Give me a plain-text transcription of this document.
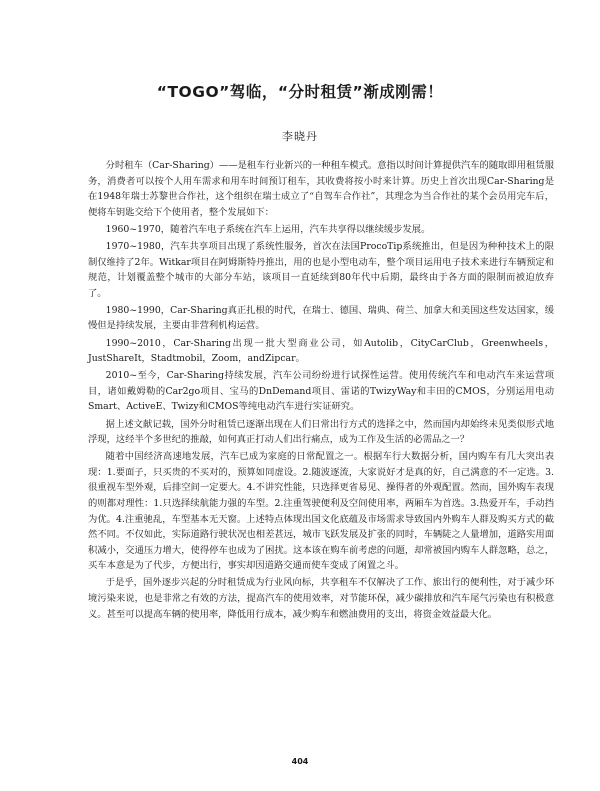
“TOGO”驾临，“分时租赁”渐成刚需！
李晓丹

分时租车（Car-Sharing）——是租车行业新兴的一种租车模式。意指以时间计算提供汽车的随取即用租赁服务，消费者可以按个人用车需求和用车时间预订租车，其收费将按小时来计算。历史上首次出现Car-Sharing是在1948年瑞士苏黎世合作社，这个组织在瑞士成立了“自驾车合作社”，其理念为当合作社的某个会员用完车后，便将车钥匙交给下个使用者，整个发展如下：

1960~1970，随着汽车电子系统在汽车上运用，汽车共享得以继续缓步发展。

1970~1980，汽车共享项目出现了系统性服务，首次在法国ProcoTip系统推出，但是因为种种技术上的限制仅维持了2年。Witkar项目在阿姆斯特丹推出，用的也是小型电动车，整个项目运用电子技术来进行车辆预定和规范，计划覆盖整个城市的大部分车站，该项目一直延续到80年代中后期，最终由于各方面的限制而被迫放弃了。

1980~1990，Car-Sharing真正扎根的时代，在瑞士、德国、瑞典、荷兰、加拿大和美国这些发达国家，缓慢但是持续发展，主要由非营利机构运营。

1990~2010，Car-Sharing出现一批大型商业公司，如Autolib，CityCarClub，Greenwheels，JustShareIt，Stadtmobil，Zoom，andZipcar。

2010~至今，Car-Sharing持续发展，汽车公司纷纷进行试探性运营。使用传统汽车和电动汽车来运营项目，诸如戴姆勒的Car2go项目、宝马的DnDemand项目、雷诺的TwizyWay和丰田的CMOS，分别运用电动Smart、ActiveE、Twizy和CMOS等纯电动汽车进行实证研究。

据上述文献记载，国外分时租赁已逐渐出现在人们日常出行方式的选择之中，然而国内却始终未见类似形式地浮现，这经半个多世纪的推敲，如何真正打动人们出行痛点，成为工作及生活的必需品之一？

随着中国经济高速地发展，汽车已成为家庭的日常配置之一。根据车行大数据分析，国内购车有几大突出表现：1.要面子，只买贵的不买对的，预算如同虚设。2.随波逐流，大家说好才是真的好，自己满意的不一定选。3.很重视车型外观，后排空间一定要大。4.不讲究性能，只选择更省易见、操得者的外观配置。然而，国外购车表现的则都对理性：1.只选择续航能力强的车型。2.注重驾驶便利及空间使用率，两厢车为首选。3.热爱开车，手动挡为优。4.注重驰乱，车型基本无天窗。上述特点体现出国文化底蕴及市场需求导致国内外购车人群及购买方式的截然不同。不仅如此，实际道路行驶状况也相差甚远，城市飞跃发展及扩张的同时，车辆陡之人量增加，道路实用面积减小，交通压力增大，使得停车也成为了困扰。这本该在购车前考虑的问题，却常被国内购车人群忽略，总之，买车本意是为了代步，方便出行，事实却因道路交通而使车变成了闲置之斗。

于是乎，国外逐步兴起的分时租赁成为行业风向标，共享租车不仅解决了工作、旅出行的便利性，对于减少环境污染来说，也是非常之有效的方法，提高汽车的使用效率，对节能环保，减少碳排放和汽车尾气污染也有积极意义。甚至可以提高车辆的使用率，降低用行成本，减少购车和燃油费用的支出，将资金效益最大化。

404
